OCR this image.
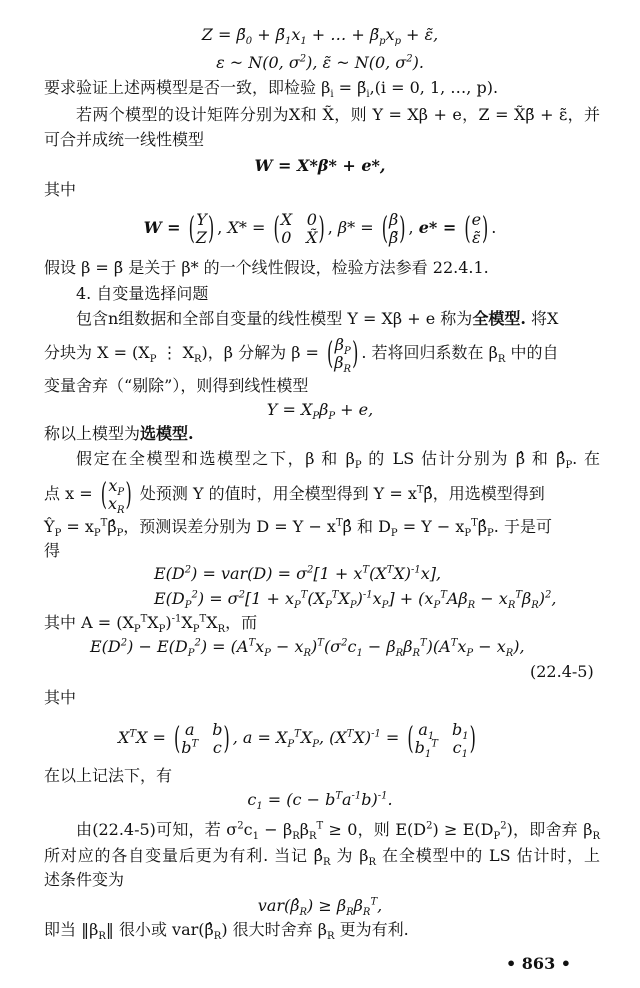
$Z = \betã_0$ + $\betã_1x_1$ + … + $\betã_px_p$ + ε̃,
ε ~ N(0, $\sigma^2$), ε̃ ~ N(0, $\sigma^2$).
要求验证上述两模型是否一致，即检验 $\beta_i$ = $\betã_i,(i = 0$, 1, …, p).
若两个模型的设计矩阵分别为X和 X̃，则 Y = Xβ + e，Z = X̃β̃ + ε̃，并
可合并成统一线性模型
W = X*β* + e*,
其中
W = ( Y
Z ) , X* = ( X 0
0 X̃ ) , β* = ( β
β̃ ) , e* = ( e
ε̃ ) .
假设 β = β̃ 是关于 β* 的一个线性假设，检验方法参看 22.4.1.
4. 自变量选择问题
包含n组数据和全部自变量的线性模型 Y = Xβ + e 称为全模型. 将X
分块为 $X = (X_P$ ⋮ $X_R$)，β 分解为 β = ( $\beta_P$
$\beta_R$ ) . 若将回归系数在 $\beta_R$ 中的自
变量舍弃（“剔除”），则得到线性模型
$Y = X_P\beta_P + e$,
称以上模型为选模型.
假定在全模型和选模型之下，β 和 $\beta_P$ 的 LS 估计分别为 β̂ 和 $\betâ_P$. 在
点 x = ( $x_P$
$x_R$ ) 处预测 Y 的值时，用全模型得到 $Y = x^T\betâ$，用选模型得到
$Ŷ_P$ = $x_P^T\betâ_P$，预测误差分别为 $D = Y - x^T\betâ$ 和 $D_P = Y$ − $x_P^T\betâ_P$. 于是可
得
$E(D^2) = var(D) = \sigma^2[1 + x^T(X^TX)^{-1}x]$,
$E(D_P^2) = \sigma^2[1 + x_P^T(X_P^TX_P)^{-1}x_P] + (x_P^TA\beta_R - x_R^T\beta_R)^2$,
其中 $A = (X_P^TX_P)^{-1}X_P^TX_R$，而
$E(D^2) - E(D_P^2) = (A^Tx_P - x_R)^T(\sigma^2c_1 - \beta_R\beta_R^T)(A^Tx_P - x_R)$,
(22.4-5)
其中
$X^TX$ = ( a b
$b^T$ c ) , $a = X_P^TX_P$, $(X^TX)^{-1}$ = ( $a_1$ $b_1$
$b_1^T$ $c_1$ )
在以上记法下，有
$c_1 = (c - b^Ta^{-1}b)^{-1}$.
由(22.4-5)可知，若 $\sigma^2c_1 - \beta_R\beta_R^T \ge 0$，则 $E(D^2) \ge E(D_P^2)$，即舍弃 $\beta_R$
所对应的各自变量后更为有利. 当记 $\betâ_R$ 为 $\beta_R$ 在全模型中的 LS 估计时，上
述条件变为
$var(\betâ_R) \ge \beta_R\beta_R^T$,
即当 $‖\beta_R‖$ 很小或 $var(\betâ_R)$ 很大时舍弃 $\beta_R$ 更为有利.
• 863 •
